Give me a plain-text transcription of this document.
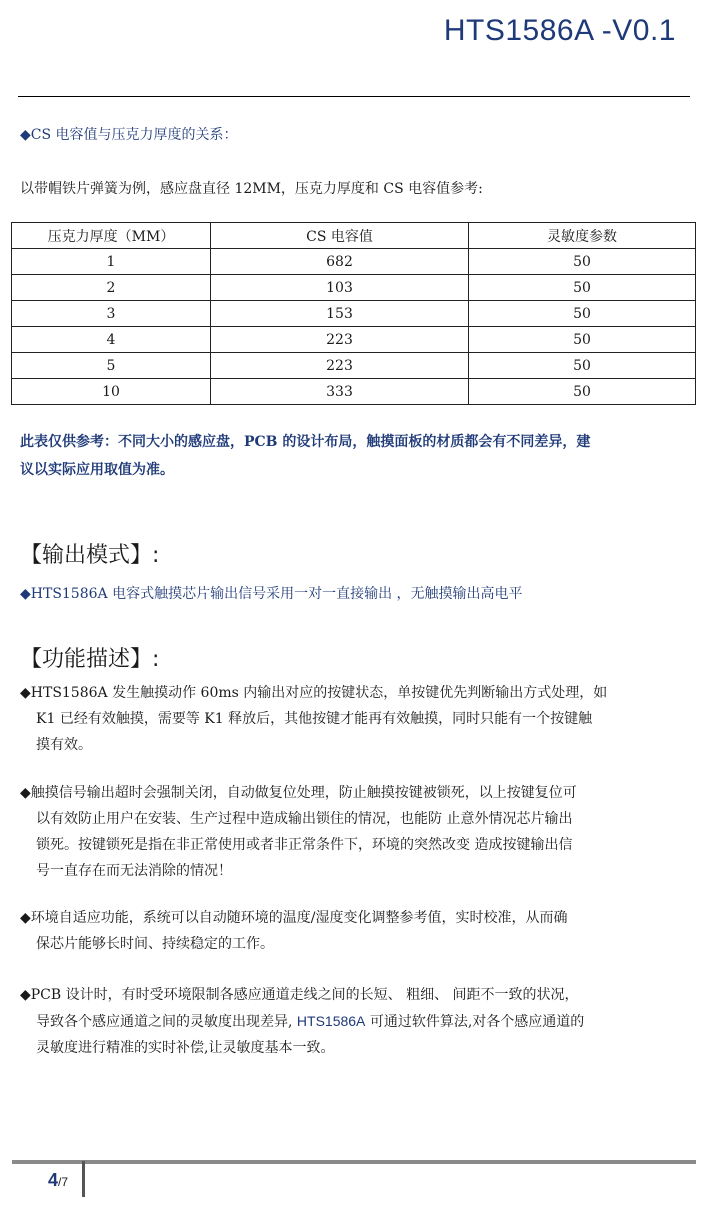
HTS1586A -V0.1
◆CS 电容值与压克力厚度的关系：
以带帽铁片弹簧为例，感应盘直径 12MM，压克力厚度和 CS 电容值参考:
压克力厚度（MM）	CS 电容值	灵敏度参数
1	682	50
2	103	50
3	153	50
4	223	50
5	223	50
10	333	50
此表仅供参考：不同大小的感应盘，PCB 的设计布局，触摸面板的材质都会有不同差异，建
议以实际应用取值为准。
【输出模式】:
◆HTS1586A 电容式触摸芯片输出信号采用一对一直接输出 ，无触摸输出高电平
【功能描述】:
◆HTS1586A 发生触摸动作 60ms 内输出对应的按键状态，单按键优先判断输出方式处理，如

K1 已经有效触摸，需要等 K1 释放后，其他按键才能再有效触摸，同时只能有一个按键触
摸有效。
◆触摸信号输出超时会强制关闭，自动做复位处理，防止触摸按键被锁死，以上按键复位可

以有效防止用户在安装、生产过程中造成输出锁住的情况，也能防 止意外情况芯片输出
锁死。按键锁死是指在非正常使用或者非正常条件下，环境的突然改变 造成按键输出信
号一直存在而无法消除的情况！
◆环境自适应功能，系统可以自动随环境的温度/湿度变化调整参考值，实时校准，从而确

保芯片能够长时间、持续稳定的工作。
◆PCB 设计时，有时受环境限制各感应通道走线之间的长短、 粗细、 间距不一致的状况，

导致各个感应通道之间的灵敏度出现差异, HTS1586A 可通过软件算法,对各个感应通道的
灵敏度进行精准的实时补偿,让灵敏度基本一致。
4/7
